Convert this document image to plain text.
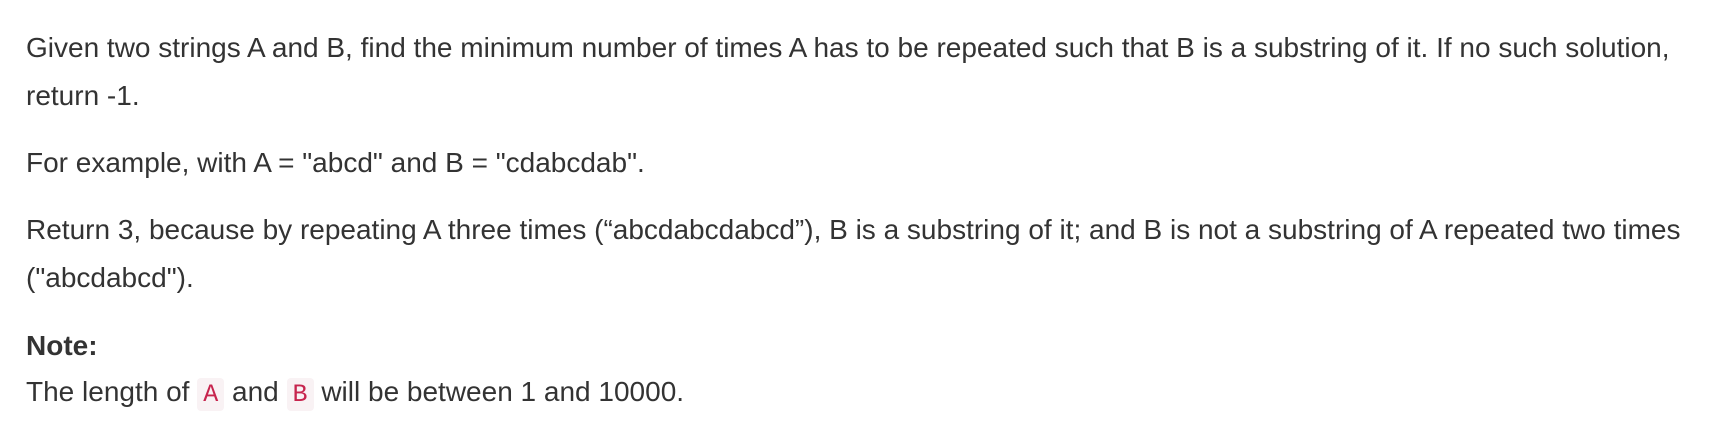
Given two strings A and B, find the minimum number of times A has to be repeated such that B is a substring of it. If no such solution, return -1.

For example, with A = "abcd" and B = "cdabcdab".

Return 3, because by repeating A three times (“abcdabcdabcd”), B is a substring of it; and B is not a substring of A repeated two times ("abcdabcd").

Note:

The length of A and B will be between 1 and 10000.
